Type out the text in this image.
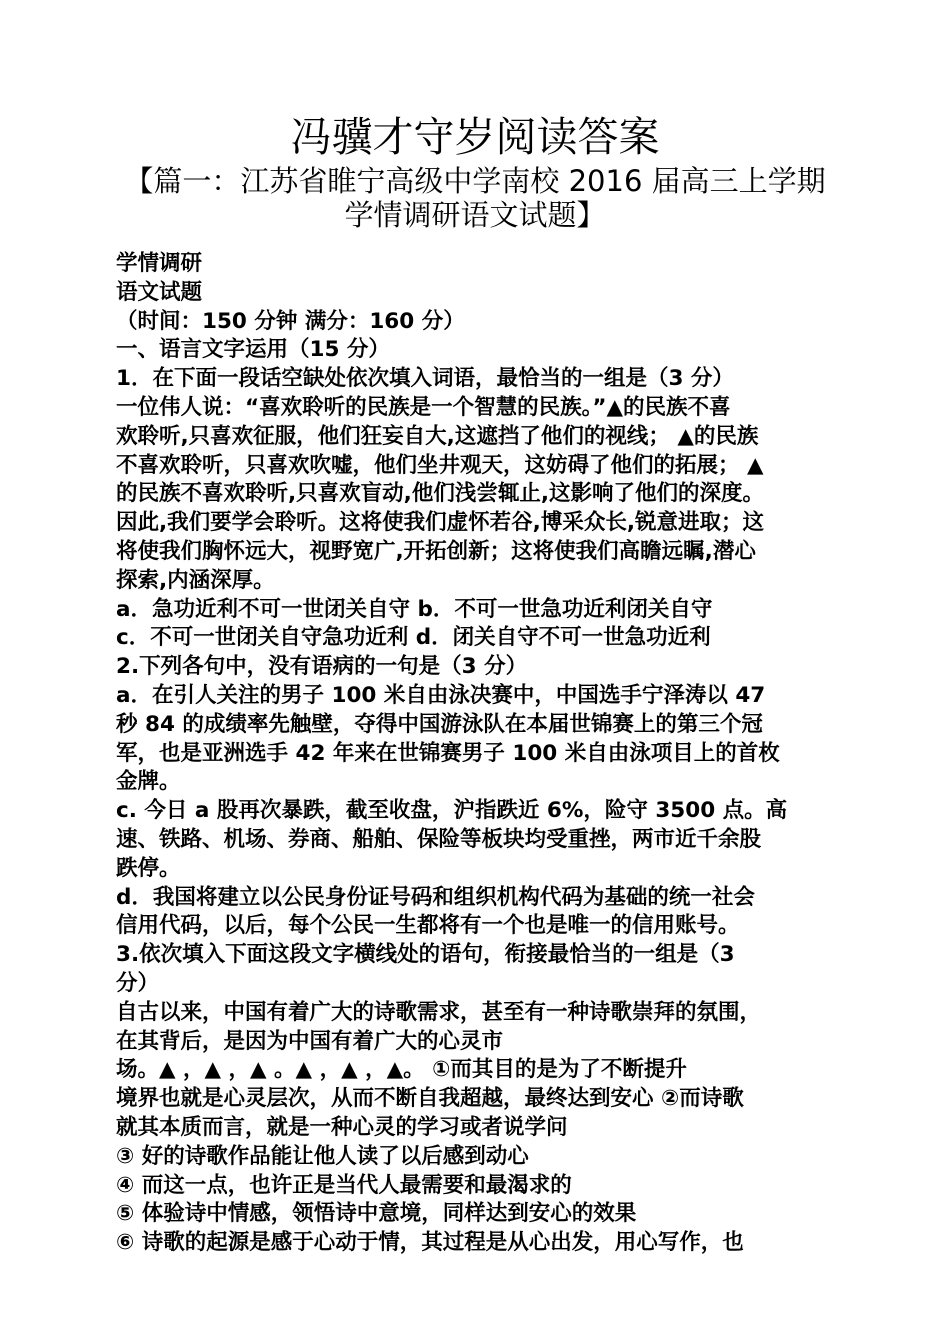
冯骥才守岁阅读答案
【篇一：江苏省睢宁高级中学南校 2016 届高三上学期
学情调研语文试题】

学情调研

语文试题

（时间：150 分钟 满分：160 分）

一、语言文字运用（15 分）

1．在下面一段话空缺处依次填入词语，最恰当的一组是（3 分）

一位伟人说：“喜欢聆听的民族是一个智慧的民族。”▲的民族不喜

欢聆听,只喜欢征服，他们狂妄自大,这遮挡了他们的视线； ▲的民族

不喜欢聆听，只喜欢吹嘘，他们坐井观天，这妨碍了他们的拓展； ▲

的民族不喜欢聆听,只喜欢盲动,他们浅尝辄止,这影响了他们的深度。

因此,我们要学会聆听。这将使我们虚怀若谷,博采众长,锐意进取；这

将使我们胸怀远大，视野宽广,开拓创新；这将使我们高瞻远瞩,潜心

探索,内涵深厚。

a．急功近利不可一世闭关自守 b．不可一世急功近利闭关自守

c．不可一世闭关自守急功近利 d．闭关自守不可一世急功近利

2.下列各句中，没有语病的一句是（3 分）

a．在引人关注的男子 100 米自由泳决赛中，中国选手宁泽涛以 47

秒 84 的成绩率先触壁，夺得中国游泳队在本届世锦赛上的第三个冠

军，也是亚洲选手 42 年来在世锦赛男子 100 米自由泳项目上的首枚

金牌。

c. 今日 a 股再次暴跌，截至收盘，沪指跌近 6%，险守 3500 点。高

速、铁路、机场、券商、船舶、保险等板块均受重挫，两市近千余股

跌停。

d．我国将建立以公民身份证号码和组织机构代码为基础的统一社会

信用代码，以后，每个公民一生都将有一个也是唯一的信用账号。

3.依次填入下面这段文字横线处的语句，衔接最恰当的一组是（3

分）

自古以来，中国有着广大的诗歌需求，甚至有一种诗歌崇拜的氛围，

在其背后，是因为中国有着广大的心灵市

场。▲ ，▲ ，▲ 。▲ ，▲ ，▲。 ①而其目的是为了不断提升

境界也就是心灵层次，从而不断自我超越，最终达到安心 ②而诗歌

就其本质而言，就是一种心灵的学习或者说学问

③ 好的诗歌作品能让他人读了以后感到动心

④ 而这一点，也许正是当代人最需要和最渴求的

⑤ 体验诗中情感，领悟诗中意境，同样达到安心的效果

⑥ 诗歌的起源是感于心动于情，其过程是从心出发，用心写作，也
